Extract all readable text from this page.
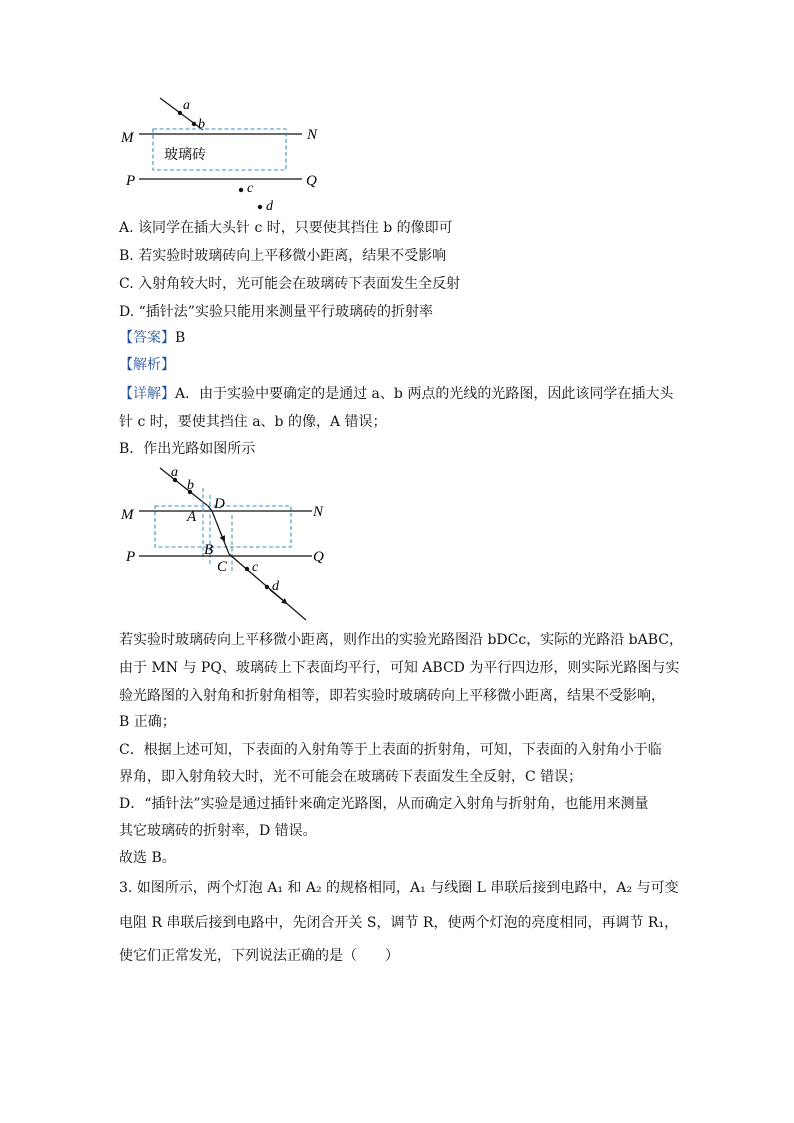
a
b
M	N
玻璃砖
P	Q
c
d
A. 该同学在插大头针 c 时，只要使其挡住 b 的像即可
B. 若实验时玻璃砖向上平移微小距离，结果不受影响
C. 入射角较大时，光可能会在玻璃砖下表面发生全反射
D. “插针法”实验只能用来测量平行玻璃砖的折射率
【答案】B
【解析】
【详解】A．由于实验中要确定的是通过 a、b 两点的光线的光路图，因此该同学在插大头
针 c 时，要使其挡住 a、b 的像，A 错误；
B．作出光路如图所示
a
b
M	N
D
A
P	Q
B
C c
d
若实验时玻璃砖向上平移微小距离，则作出的实验光路图沿 bDCc，实际的光路沿 bABC，
由于 MN 与 PQ、玻璃砖上下表面均平行，可知 ABCD 为平行四边形，则实际光路图与实
验光路图的入射角和折射角相等，即若实验时玻璃砖向上平移微小距离，结果不受影响，
B 正确；
C．根据上述可知，下表面的入射角等于上表面的折射角，可知，下表面的入射角小于临
界角，即入射角较大时，光不可能会在玻璃砖下表面发生全反射，C 错误；
D．“插针法”实验是通过插针来确定光路图，从而确定入射角与折射角，也能用来测量
其它玻璃砖的折射率，D 错误。
故选 B。
3. 如图所示，两个灯泡 A₁ 和 A₂ 的规格相同，A₁ 与线圈 L 串联后接到电路中，A₂ 与可变
电阻 R 串联后接到电路中，先闭合开关 S，调节 R，使两个灯泡的亮度相同，再调节 R₁，
使它们正常发光，下列说法正确的是（　　）
